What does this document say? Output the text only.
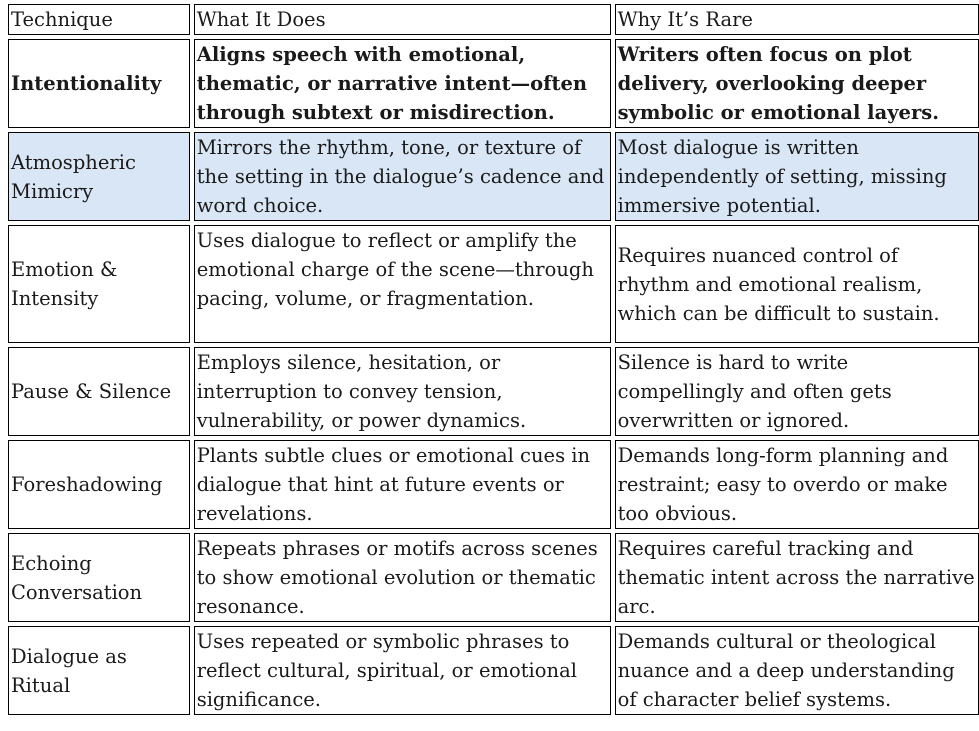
Technique	What It Does	Why It’s Rare
Intentionality	Aligns speech with emotional, thematic, or narrative intent—often through subtext or misdirection.	Writers often focus on plot delivery, overlooking deeper symbolic or emotional layers.
Atmospheric Mimicry	Mirrors the rhythm, tone, or texture of the setting in the dialogue’s cadence and word choice.	Most dialogue is written independently of setting, missing immersive potential.
Emotion & Intensity	Uses dialogue to reflect or amplify the emotional charge of the scene—through pacing, volume, or fragmentation.	Requires nuanced control of rhythm and emotional realism, which can be difficult to sustain.
Pause & Silence	Employs silence, hesitation, or interruption to convey tension, vulnerability, or power dynamics.	Silence is hard to write compellingly and often gets overwritten or ignored.
Foreshadowing	Plants subtle clues or emotional cues in dialogue that hint at future events or revelations.	Demands long-form planning and restraint; easy to overdo or make too obvious.
Echoing Conversation	Repeats phrases or motifs across scenes to show emotional evolution or thematic resonance.	Requires careful tracking and thematic intent across the narrative arc.
Dialogue as Ritual	Uses repeated or symbolic phrases to reflect cultural, spiritual, or emotional significance.	Demands cultural or theological nuance and a deep understanding of character belief systems.
